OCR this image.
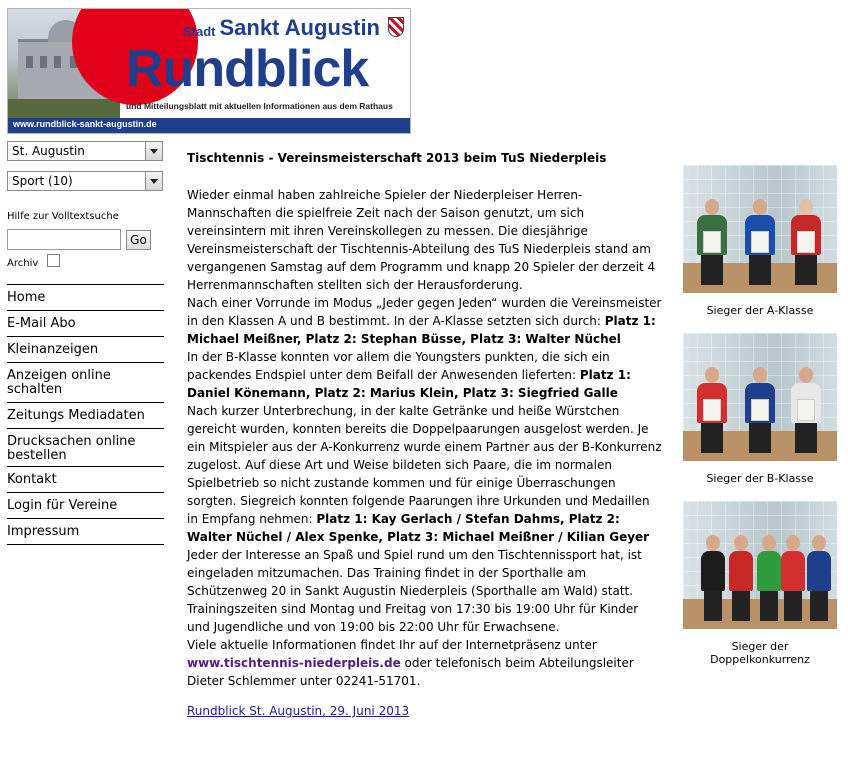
Stadt Sankt Augustin
Rundblick
und Mitteilungsblatt mit aktuellen Informationen aus dem Rathaus
www.rundblick-sankt-augustin.de
St. Augustin
Sport (10)
Hilfe zur Volltextsuche
Go
Archiv
Home
E-Mail Abo
Kleinanzeigen
Anzeigen online schalten
Zeitungs Mediadaten
Drucksachen online bestellen
Kontakt
Login für Vereine
Impressum
Tischtennis - Vereinsmeisterschaft 2013 beim TuS Niederpleis

Wieder einmal haben zahlreiche Spieler der Niederpleiser Herren-Mannschaften die spielfreie Zeit nach der Saison genutzt, um sich vereinsintern mit ihren Vereinskollegen zu messen. Die diesjährige Vereinsmeisterschaft der Tischtennis-Abteilung des TuS Niederpleis stand am vergangenen Samstag auf dem Programm und knapp 20 Spieler der derzeit 4 Herrenmannschaften stellten sich der Herausforderung.

Nach einer Vorrunde im Modus „Jeder gegen Jeden“ wurden die Vereinsmeister in den Klassen A und B bestimmt. In der A-Klasse setzten sich durch: Platz 1: Michael Meißner, Platz 2: Stephan Büsse, Platz 3: Walter Nüchel

In der B-Klasse konnten vor allem die Youngsters punkten, die sich ein packendes Endspiel unter dem Beifall der Anwesenden lieferten: Platz 1: Daniel Könemann, Platz 2: Marius Klein, Platz 3: Siegfried Galle

Nach kurzer Unterbrechung, in der kalte Getränke und heiße Würstchen gereicht wurden, konnten bereits die Doppelpaarungen ausgelost werden. Je ein Mitspieler aus der A-Konkurrenz wurde einem Partner aus der B-Konkurrenz zugelost. Auf diese Art und Weise bildeten sich Paare, die im normalen Spielbetrieb so nicht zustande kommen und für einige Überraschungen sorgten. Siegreich konnten folgende Paarungen ihre Urkunden und Medaillen in Empfang nehmen: Platz 1: Kay Gerlach / Stefan Dahms, Platz 2: Walter Nüchel / Alex Spenke, Platz 3: Michael Meißner / Kilian Geyer

Jeder der Interesse an Spaß und Spiel rund um den Tischtennissport hat, ist eingeladen mitzumachen. Das Training findet in der Sporthalle am Schützenweg 20 in Sankt Augustin Niederpleis (Sporthalle am Wald) statt. Trainingszeiten sind Montag und Freitag von 17:30 bis 19:00 Uhr für Kinder und Jugendliche und von 19:00 bis 22:00 Uhr für Erwachsene.

Viele aktuelle Informationen findet Ihr auf der Internetpräsenz unter www.tischtennis-niederpleis.de oder telefonisch beim Abteilungsleiter Dieter Schlemmer unter 02241-51701.

Rundblick St. Augustin, 29. Juni 2013
Sieger der A-Klasse
Sieger der B-Klasse
Sieger der Doppelkonkurrenz
